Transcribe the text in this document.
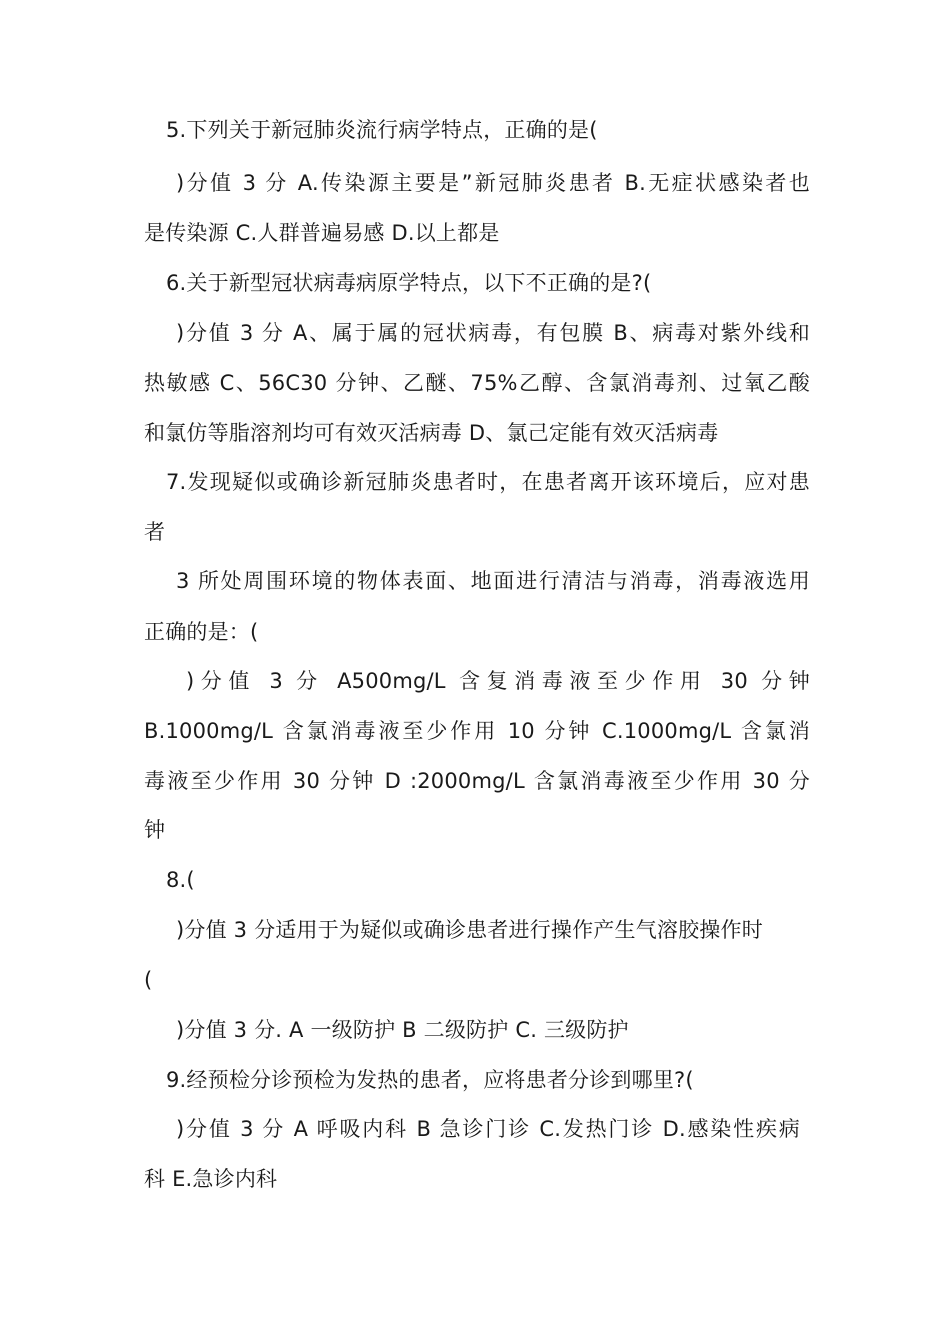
5.下列关于新冠肺炎流行病学特点，正确的是(
)分值 3 分 A.传染源主要是”新冠肺炎患者 B.无症状感染者也
是传染源 C.人群普遍易感 D.以上都是
6.关于新型冠状病毒病原学特点，以下不正确的是?(
)分值 3 分 A、属于属的冠状病毒，有包膜 B、病毒对紫外线和
热敏感 C、56C30 分钟、乙醚、75%乙醇、含氯消毒剂、过氧乙酸
和氯仿等脂溶剂均可有效灭活病毒 D、氯己定能有效灭活病毒
7.发现疑似或确诊新冠肺炎患者时，在患者离开该环境后，应对患
者
3 所处周围环境的物体表面、地面进行清洁与消毒，消毒液选用
正确的是：(
)分值 3 分 A500mg/L 含复消毒液至少作用 30 分钟
B.1000mg/L 含氯消毒液至少作用 10 分钟 C.1000mg/L 含氯消
毒液至少作用 30 分钟 D :2000mg/L 含氯消毒液至少作用 30 分
钟
8.(
)分值 3 分适用于为疑似或确诊患者进行操作产生气溶胶操作时
(
)分值 3 分. A 一级防护 B 二级防护 C. 三级防护
9.经预检分诊预检为发热的患者，应将患者分诊到哪里?(
)分值 3 分 A 呼吸内科 B 急诊门诊 C.发热门诊 D.感染性疾病
科 E.急诊内科
